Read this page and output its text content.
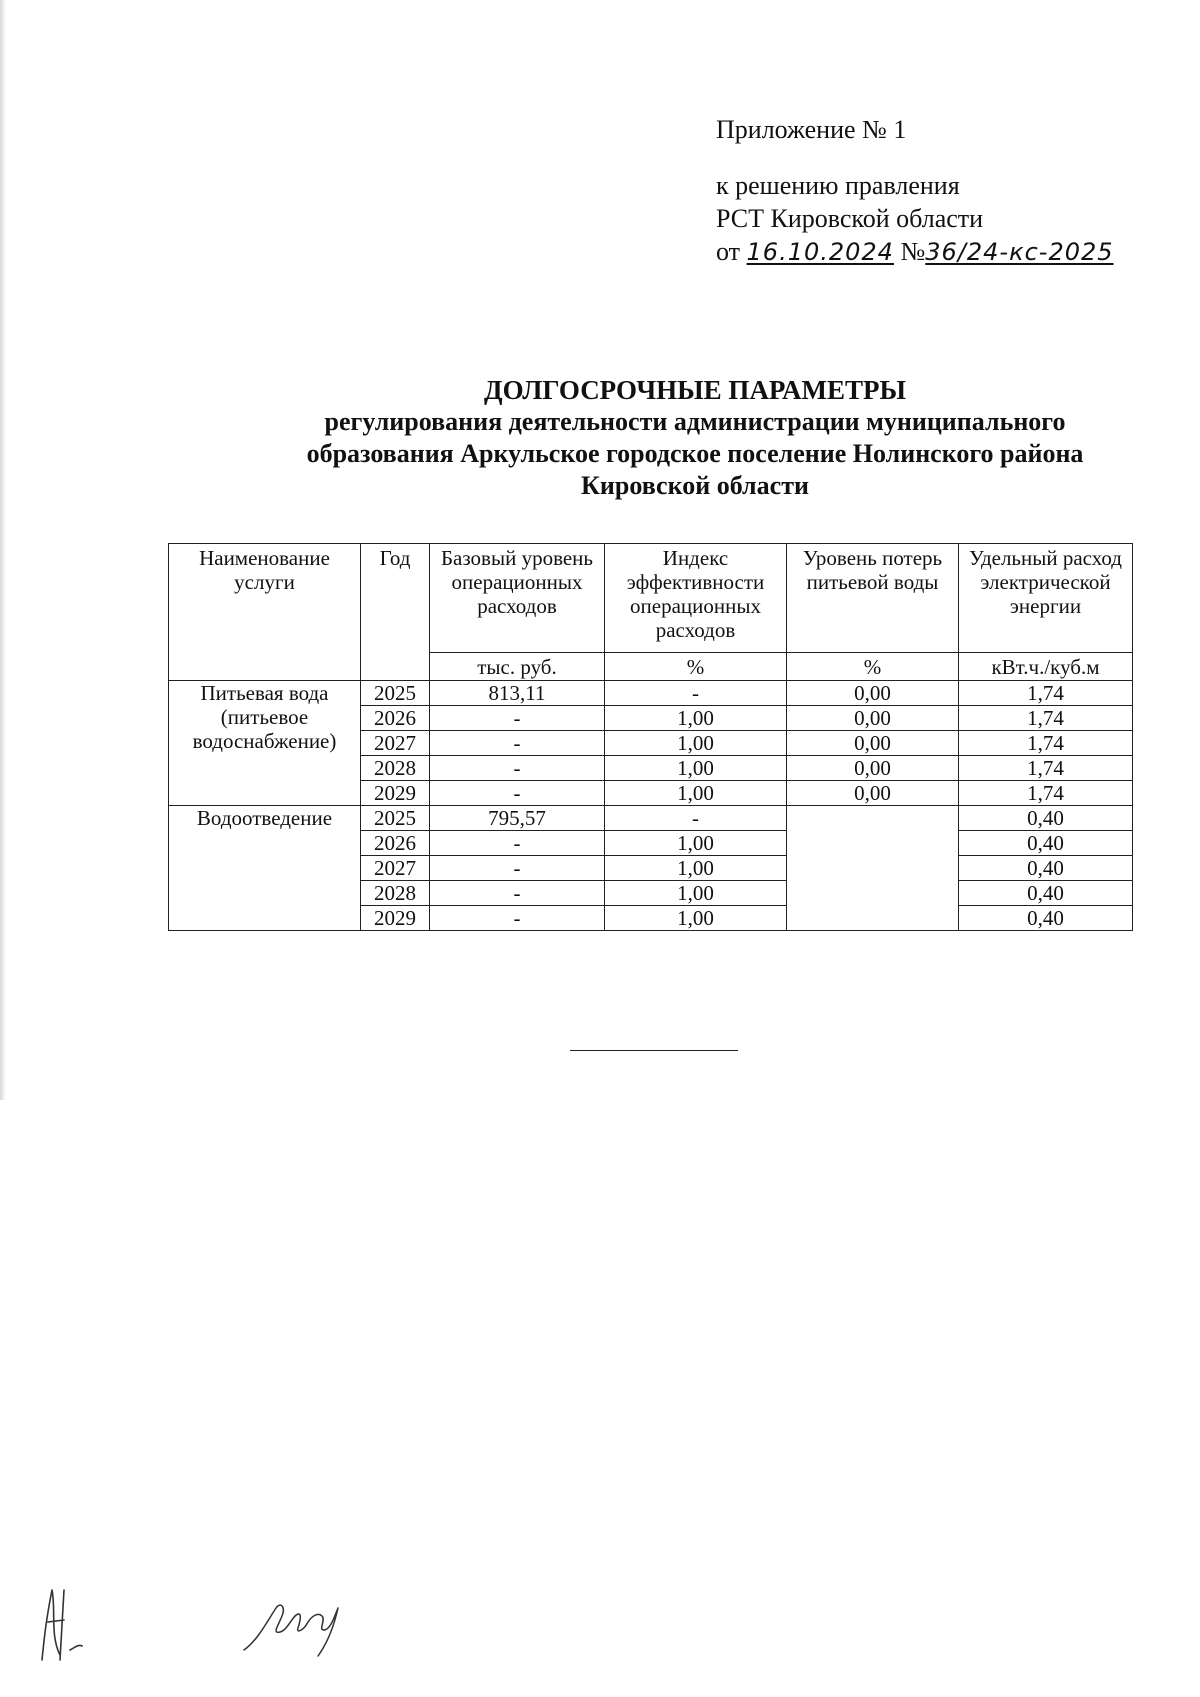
Приложение № 1
к решению правления
РСТ Кировской области
от 16.10.2024 №36/24-кс-2025
ДОЛГОСРОЧНЫЕ ПАРАМЕТРЫ
регулирования деятельности администрации муниципального
образования Аркульское городское поселение Нолинского района
Кировской области
Наименование услуги	Год	Базовый уровень операционных расходов	Индекс эффективности операционных расходов	Уровень потерь питьевой воды	Удельный расход электрической энергии
		тыс. руб.	%	%	кВт.ч./куб.м
Питьевая вода (питьевое водоснабжение)	2025	813,11	-	0,00	1,74
	2026	-	1,00	0,00	1,74
	2027	-	1,00	0,00	1,74
	2028	-	1,00	0,00	1,74
	2029	-	1,00	0,00	1,74
Водоотведение	2025	795,57	-		0,40
	2026	-	1,00		0,40
	2027	-	1,00		0,40
	2028	-	1,00		0,40
	2029	-	1,00		0,40
